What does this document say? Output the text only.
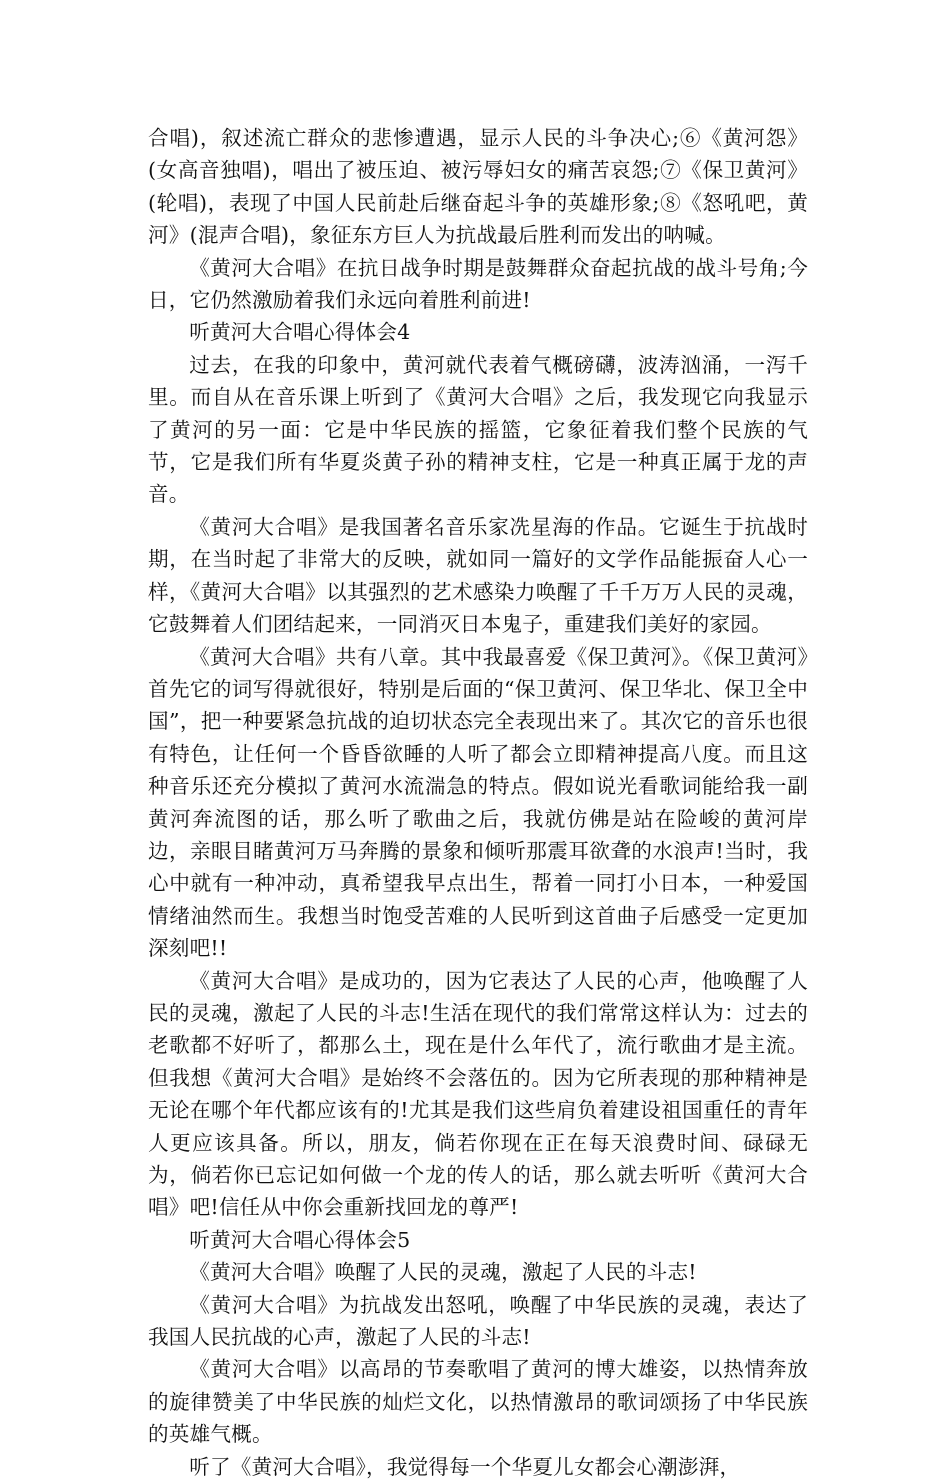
合唱)，叙述流亡群众的悲惨遭遇，显示人民的斗争决心;⑥《黄河怨》(女高音独唱)，唱出了被压迫、被污辱妇女的痛苦哀怨;⑦《保卫黄河》(轮唱)，表现了中国人民前赴后继奋起斗争的英雄形象;⑧《怒吼吧，黄河》(混声合唱)，象征东方巨人为抗战最后胜利而发出的呐喊。

《黄河大合唱》在抗日战争时期是鼓舞群众奋起抗战的战斗号角;今日，它仍然激励着我们永远向着胜利前进!

听黄河大合唱心得体会4

过去，在我的印象中，黄河就代表着气概磅礴，波涛汹涌，一泻千里。而自从在音乐课上听到了《黄河大合唱》之后，我发现它向我显示了黄河的另一面：它是中华民族的摇篮，它象征着我们整个民族的气节，它是我们所有华夏炎黄子孙的精神支柱，它是一种真正属于龙的声音。

《黄河大合唱》是我国著名音乐家冼星海的作品。它诞生于抗战时期，在当时起了非常大的反映，就如同一篇好的文学作品能振奋人心一样，《黄河大合唱》以其强烈的艺术感染力唤醒了千千万万人民的灵魂，它鼓舞着人们团结起来，一同消灭日本鬼子，重建我们美好的家园。

《黄河大合唱》共有八章。其中我最喜爱《保卫黄河》。《保卫黄河》首先它的词写得就很好，特别是后面的“保卫黄河、保卫华北、保卫全中国”，把一种要紧急抗战的迫切状态完全表现出来了。其次它的音乐也很有特色，让任何一个昏昏欲睡的人听了都会立即精神提高八度。而且这种音乐还充分模拟了黄河水流湍急的特点。假如说光看歌词能给我一副黄河奔流图的话，那么听了歌曲之后，我就仿佛是站在险峻的黄河岸边，亲眼目睹黄河万马奔腾的景象和倾听那震耳欲聋的水浪声!当时，我心中就有一种冲动，真希望我早点出生，帮着一同打小日本，一种爱国情绪油然而生。我想当时饱受苦难的人民听到这首曲子后感受一定更加深刻吧!!

《黄河大合唱》是成功的，因为它表达了人民的心声，他唤醒了人民的灵魂，激起了人民的斗志!生活在现代的我们常常这样认为：过去的老歌都不好听了，都那么土，现在是什么年代了，流行歌曲才是主流。但我想《黄河大合唱》是始终不会落伍的。因为它所表现的那种精神是无论在哪个年代都应该有的!尤其是我们这些肩负着建设祖国重任的青年人更应该具备。所以，朋友，倘若你现在正在每天浪费时间、碌碌无为，倘若你已忘记如何做一个龙的传人的话，那么就去听听《黄河大合唱》吧!信任从中你会重新找回龙的尊严!

听黄河大合唱心得体会5

《黄河大合唱》唤醒了人民的灵魂，激起了人民的斗志!

《黄河大合唱》为抗战发出怒吼，唤醒了中华民族的灵魂，表达了我国人民抗战的心声，激起了人民的斗志!

《黄河大合唱》以高昂的节奏歌唱了黄河的博大雄姿，以热情奔放的旋律赞美了中华民族的灿烂文化，以热情激昂的歌词颂扬了中华民族的英雄气概。

听了《黄河大合唱》，我觉得每一个华夏儿女都会心潮澎湃，
